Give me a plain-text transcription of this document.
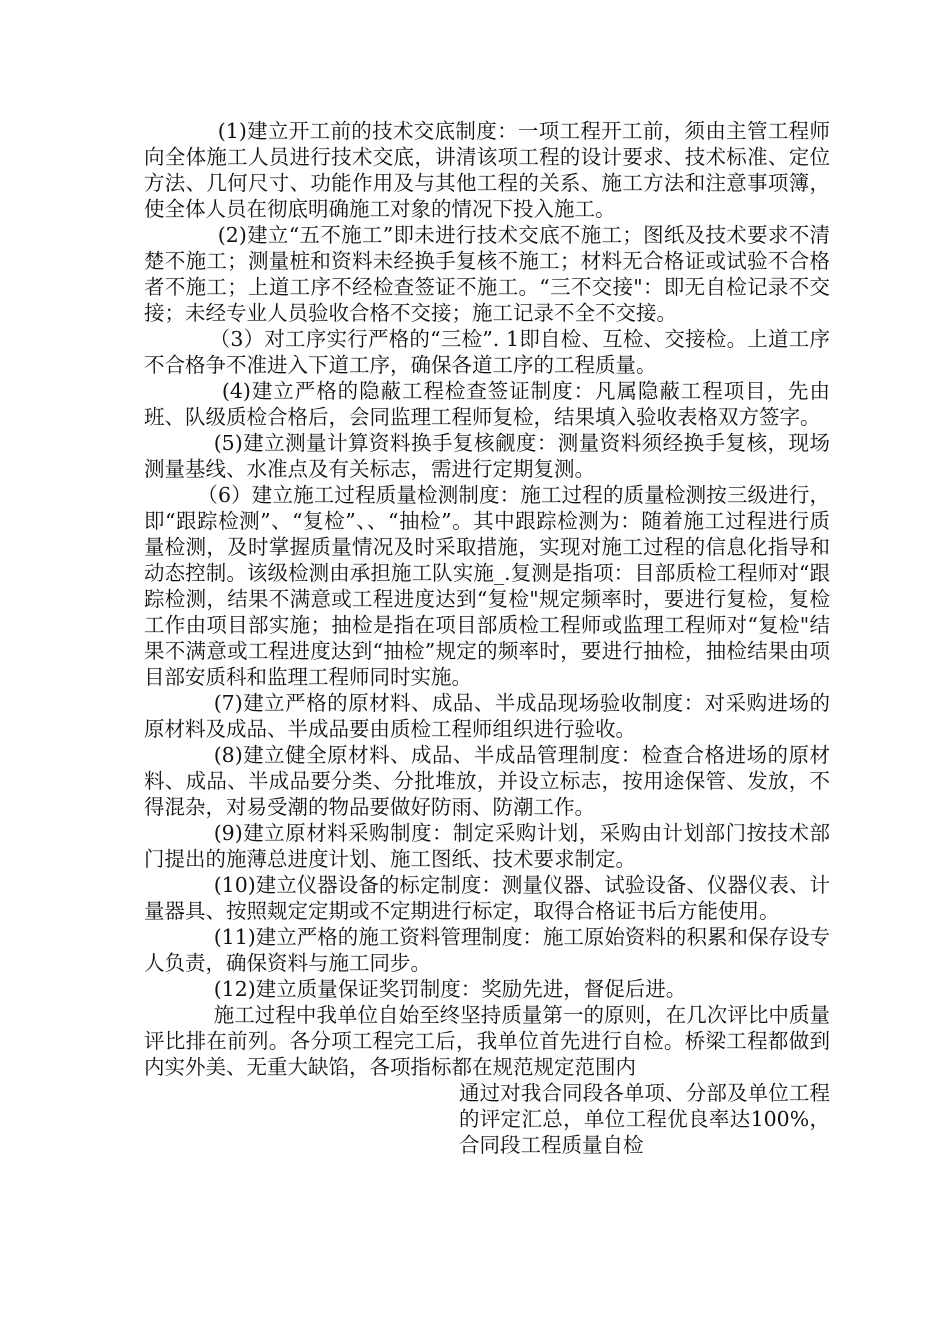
(1)建立开工前的技术交底制度：一项工程开工前，须由主管工程师向全体施工人员进行技术交底，讲清该项工程的设计要求、技术标准、定位方法、几何尺寸、功能作用及与其他工程的关系、施工方法和注意事项簿，使全体人员在彻底明确施工对象的情况下投入施工。

(2)建立“五不施工”即未进行技术交底不施工；图纸及技术要求不清楚不施工；测量桩和资料未经换手复核不施工；材料无合格证或试验不合格者不施工；上道工序不经检查签证不施工。“三不交接"：即无自检记录不交接；未经专业人员验收合格不交接；施工记录不全不交接。

（3）对工序实行严格的“三检”. 1即自检、互检、交接检。上道工序不合格争不准进入下道工序，确保各道工序的工程质量。

(4)建立严格的隐蔽工程检查签证制度：凡属隐蔽工程项目，先由班、队级质检合格后，会同监理工程师复检，结果填入验收表格双方签字。

(5)建立测量计算资料换手复核觎度：测量资料须经换手复核，现场测量基线、水准点及有关标志，需进行定期复测。

（6）建立施工过程质量检测制度：施工过程的质量检测按三级进行，即“跟踪检测”、“复检”、、“抽检”。其中跟踪检测为：随着施工过程进行质量检测，及时掌握质量情况及时采取措施，实现对施工过程的信息化指导和动态控制。该级检测由承担施工队实施_.复测是指项：目部质检工程师对“跟踪检测，结果不满意或工程进度达到“复检"规定频率时，要进行复检，复检工作由项目部实施；抽检是指在项目部质检工程师或监理工程师对“复检"结果不满意或工程进度达到“抽检”规定的频率时，要进行抽检，抽检结果由项目部安质科和监理工程师同时实施。

(7)建立严格的原材料、成品、半成品现场验收制度：对采购进场的原材料及成品、半成品要由质检工程师组织进行验收。

(8)建立健全原材料、成品、半成品管理制度：检查合格进场的原材料、成品、半成品要分类、分批堆放，并设立标志，按用途保管、发放，不得混杂，对易受潮的物品要做好防雨、防潮工作。

(9)建立原材料采购制度：制定采购计划，采购由计划部门按技术部门提出的施薄总进度计划、施工图纸、技术要求制定。

(10)建立仪器设备的标定制度：测量仪器、试验设备、仪器仪表、计量器具、按照觌定定期或不定期进行标定，取得合格证书后方能使用。

(11)建立严格的施工资料管理制度：施工原始资料的积累和保存设专人负责，确保资料与施工同步。

(12)建立质量保证奖罚制度：奖励先进，督促后进。

施工过程中我单位自始至终坚持质量第一的原则，在几次评比中质量评比排在前列。各分项工程完工后，我单位首先进行自检。桥梁工程都做到内实外美、无重大缺馅，各项指标都在规范规定范围内

通过对我合同段各单项、分部及单位工程的评定汇总，单位工程优良率达100%，合同段工程质量自检
